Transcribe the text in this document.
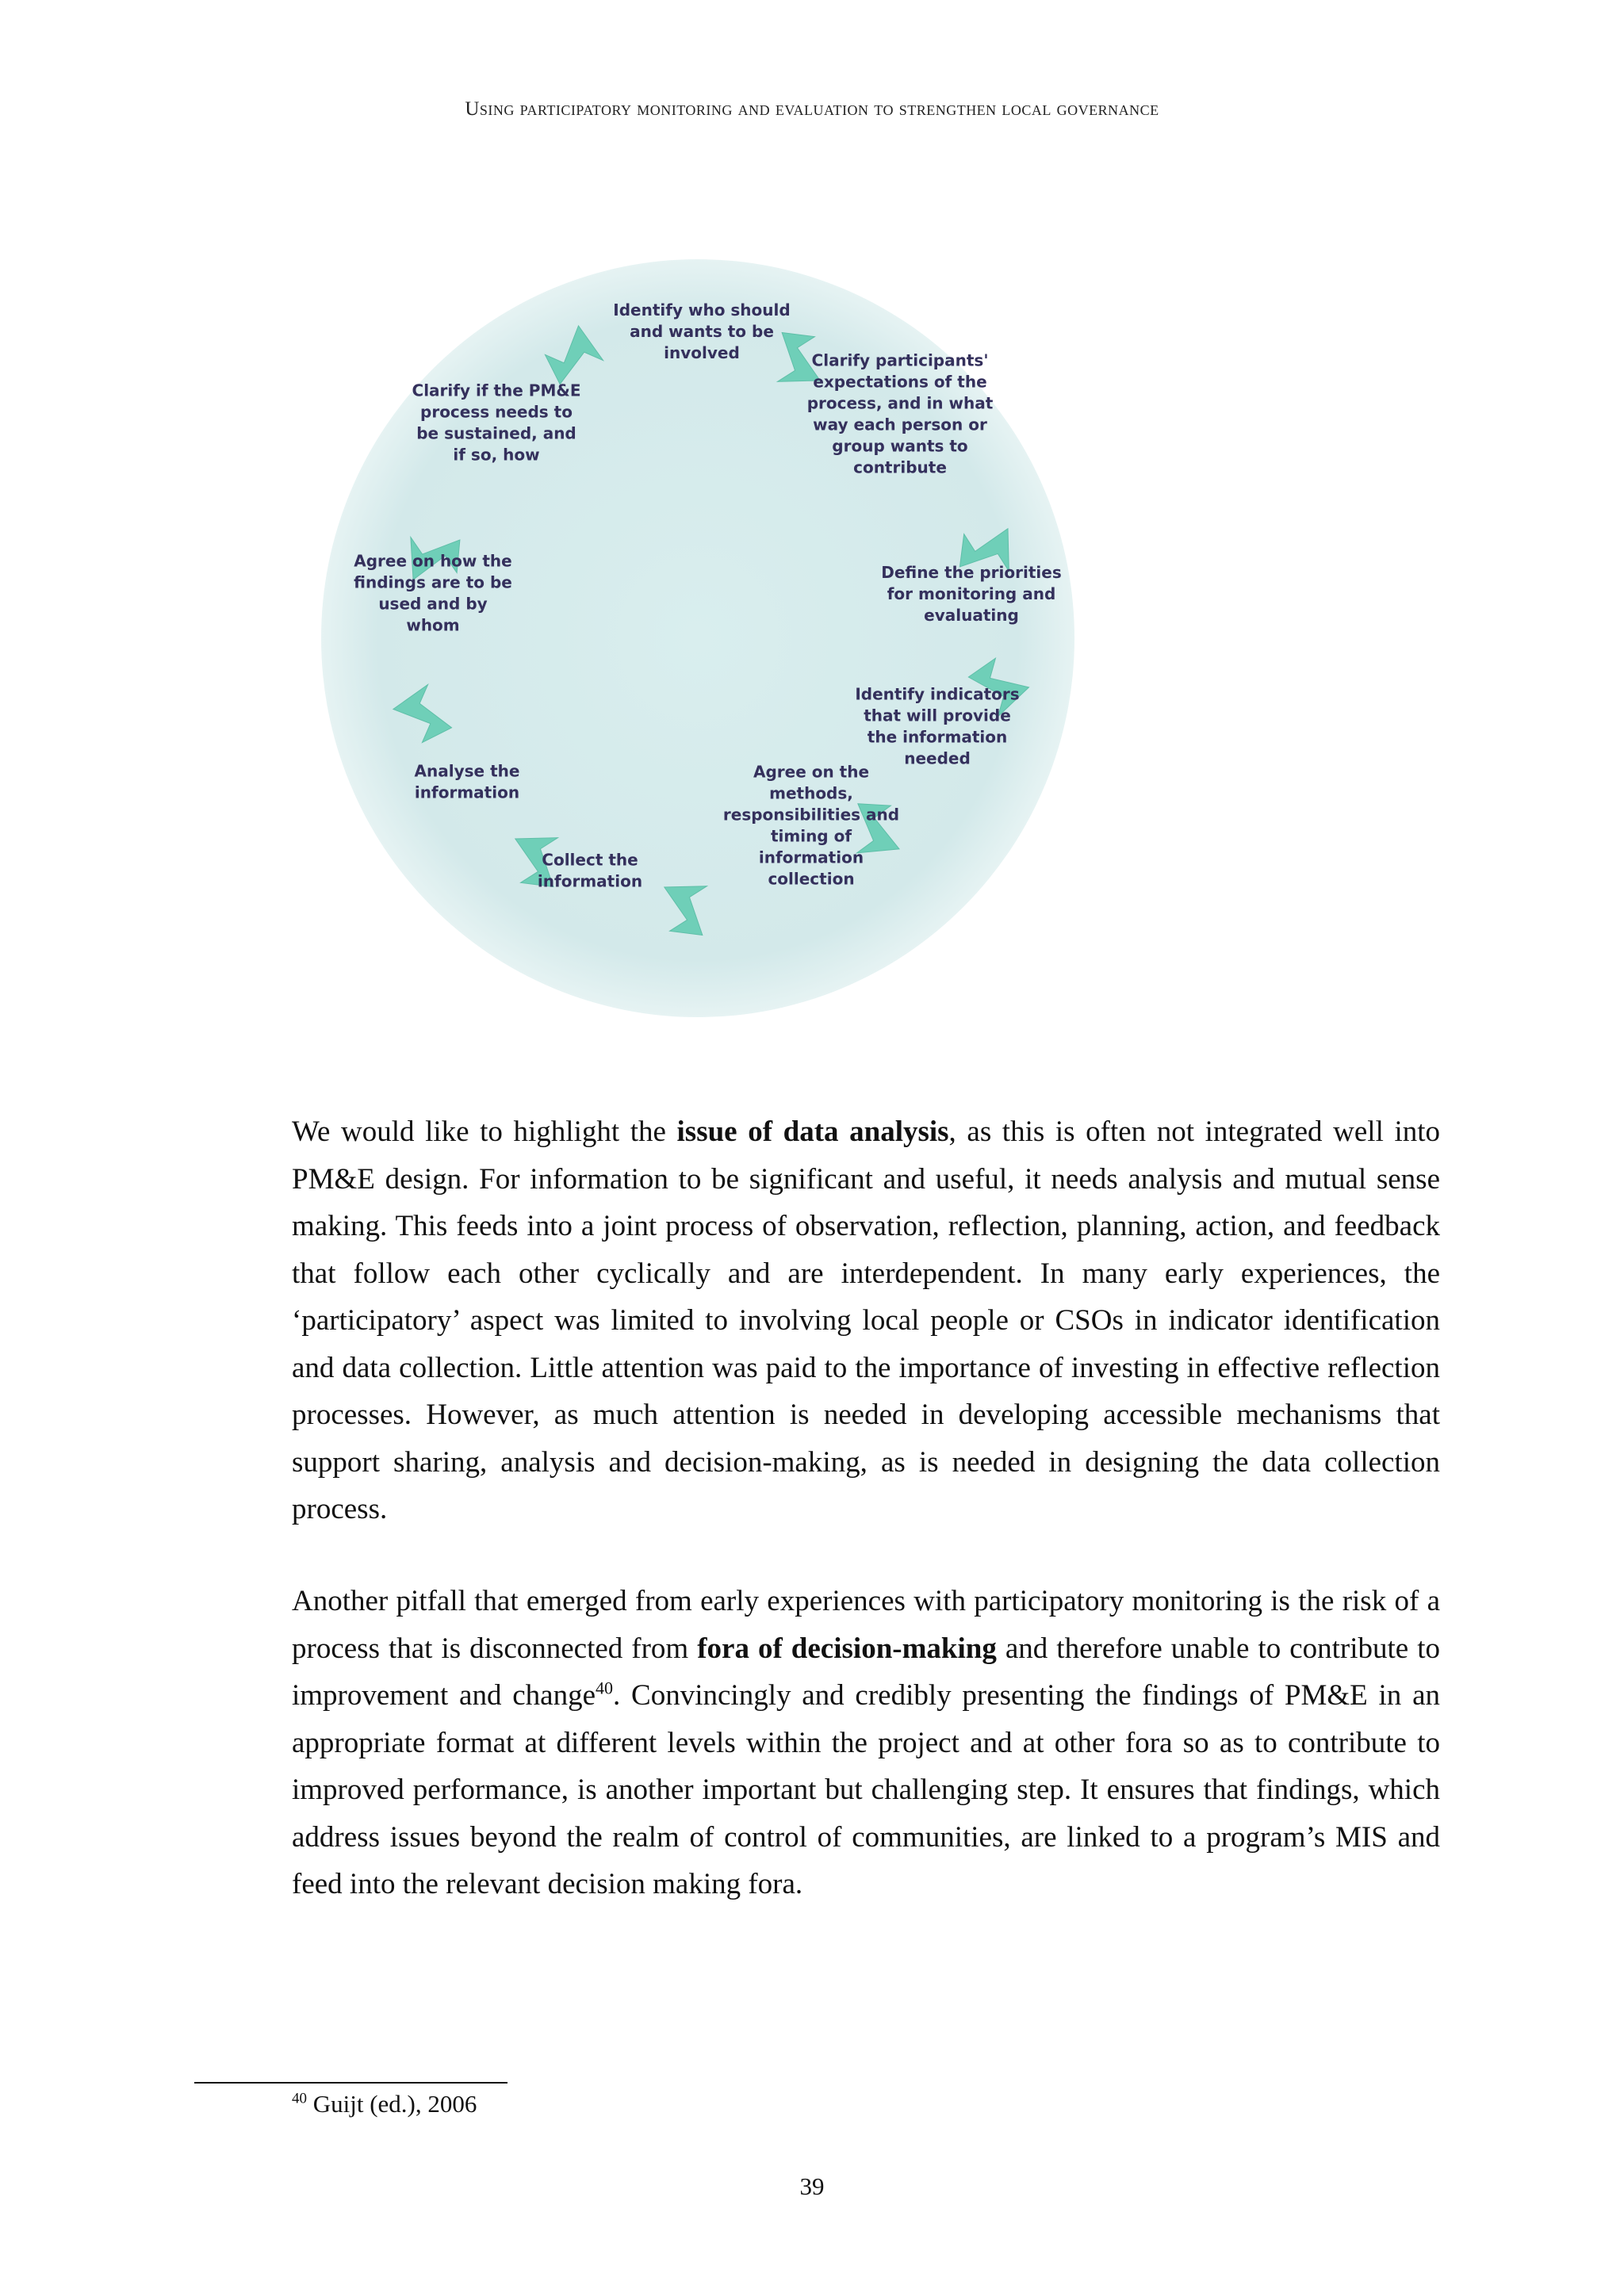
Using participatory monitoring and evaluation to strengthen local governance
Identify who should and wants to be involved	Clarify participants' expectations of the process, and in what way each person or group wants to contribute
Define the priorities for monitoring and evaluating
Identify indicators that will provide the information needed
Agree on the methods, responsibilities and timing of information collection
Collect the information
Analyse the information
Agree on how the findings are to be used and by whom
Clarify if the PM&E process needs to be sustained, and if so, how

We would like to highlight the issue of data analysis, as this is often not integrated well into PM&E design. For information to be significant and useful, it needs analysis and mutual sense making. This feeds into a joint process of observation, reflection, planning, action, and feedback that follow each other cyclically and are interdependent. In many early experiences, the ‘participatory’ aspect was limited to involving local people or CSOs in indicator identification and data collection. Little attention was paid to the importance of investing in effective reflection processes. However, as much attention is needed in developing accessible mechanisms that support sharing, analysis and decision-making, as is needed in designing the data collection process.

Another pitfall that emerged from early experiences with participatory monitoring is the risk of a process that is disconnected from fora of decision-making and therefore unable to contribute to improvement and change$^{40}$. Convincingly and credibly presenting the findings of PM&E in an appropriate format at different levels within the project and at other fora so as to contribute to improved performance, is another important but challenging step. It ensures that findings, which address issues beyond the realm of control of communities, are linked to a program’s MIS and feed into the relevant decision making fora.

$^{40}$ Guijt (ed.), 2006
39
